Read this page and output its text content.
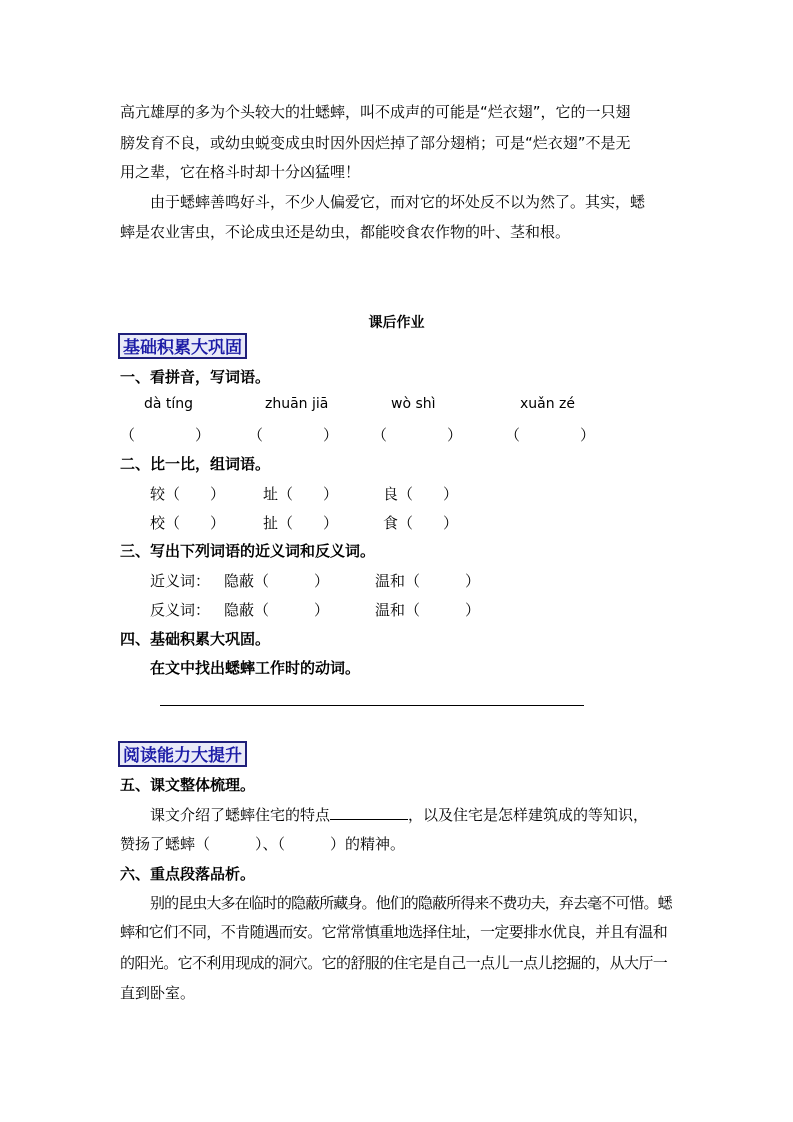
高亢雄厚的多为个头较大的壮蟋蟀，叫不成声的可能是“烂衣翅”，它的一只翅
膀发育不良，或幼虫蜕变成虫时因外因烂掉了部分翅梢；可是“烂衣翅”不是无
用之辈，它在格斗时却十分凶猛哩！
由于蟋蟀善鸣好斗，不少人偏爱它，而对它的坏处反不以为然了。其实，蟋
蟀是农业害虫，不论成虫还是幼虫，都能咬食农作物的叶、茎和根。
课后作业
基础积累大巩固
一、看拼音，写词语。
dà tíng	zhuān jiā	wò shì	xuǎn zé
（　　　　）	（　　　　） （　　　　）	（　　　　）
二、比一比，组词语。
较（　　）	址（　　）	良（　　）
校（　　）	扯（　　）	食（　　）
三、写出下列词语的近义词和反义词。
近义词： 隐蔽（　　　）	温和（　　　）
反义词： 隐蔽（　　　）	温和（　　　）
四、基础积累大巩固。
在文中找出蟋蟀工作时的动词。
阅读能力大提升
五、课文整体梳理。
课文介绍了蟋蟀住宅的特点	，以及住宅是怎样建筑成的等知识，
赞扬了蟋蟀（　　　）、（　　　）的精神。
六、重点段落品析。
别的昆虫大多在临时的隐蔽所藏身。他们的隐蔽所得来不费功夫，弃去毫不可惜。蟋
蟀和它们不同，不肯随遇而安。它常常慎重地选择住址，一定要排水优良，并且有温和
的阳光。它不利用现成的洞穴。它的舒服的住宅是自己一点儿一点儿挖掘的，从大厅一
直到卧室。
